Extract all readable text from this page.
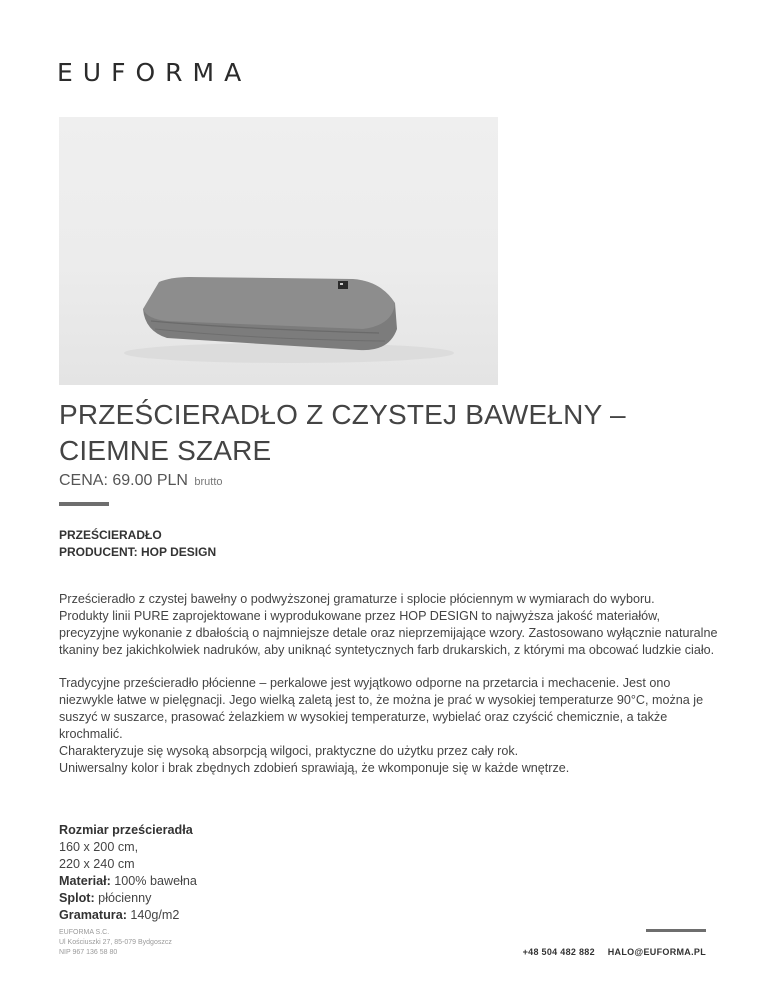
EUFORMA
PRZEŚCIERADŁO Z CZYSTEJ BAWEŁNY – CIEMNE SZARE
CENA: 69.00 PLN brutto
PRZEŚCIERADŁO
PRODUCENT: HOP DESIGN

Prześcieradło z czystej bawełny o podwyższonej gramaturze i splocie płóciennym w wymiarach do wyboru.
Produkty linii PURE zaprojektowane i wyprodukowane przez HOP DESIGN to najwyższa jakość materiałów, precyzyjne wykonanie z dbałością o najmniejsze detale oraz nieprzemijające wzory. Zastosowano wyłącznie naturalne tkaniny bez jakichkolwiek nadruków, aby uniknąć syntetycznych farb drukarskich, z którymi ma obcować ludzkie ciało.

Tradycyjne prześcieradło płócienne – perkalowe jest wyjątkowo odporne na przetarcia i mechacenie. Jest ono niezwykle łatwe w pielęgnacji. Jego wielką zaletą jest to, że można je prać w wysokiej temperaturze 90°C, można je suszyć w suszarce, prasować żelazkiem w wysokiej temperaturze, wybielać oraz czyścić chemicznie, a także krochmalić.
Charakteryzuje się wysoką absorpcją wilgoci, praktyczne do użytku przez cały rok.
Uniwersalny kolor i brak zbędnych zdobień sprawiają, że wkomponuje się w każde wnętrze.

Rozmiar prześcieradła
160 x 200 cm,
220 x 240 cm
Materiał: 100% bawełna
Splot: płócienny
Gramatura: 140g/m2
EUFORMA S.C.
Ul Kościuszki 27, 85-079 Bydgoszcz
NIP 967 136 58 80	+48 504 482 882 HALO@EUFORMA.PL
